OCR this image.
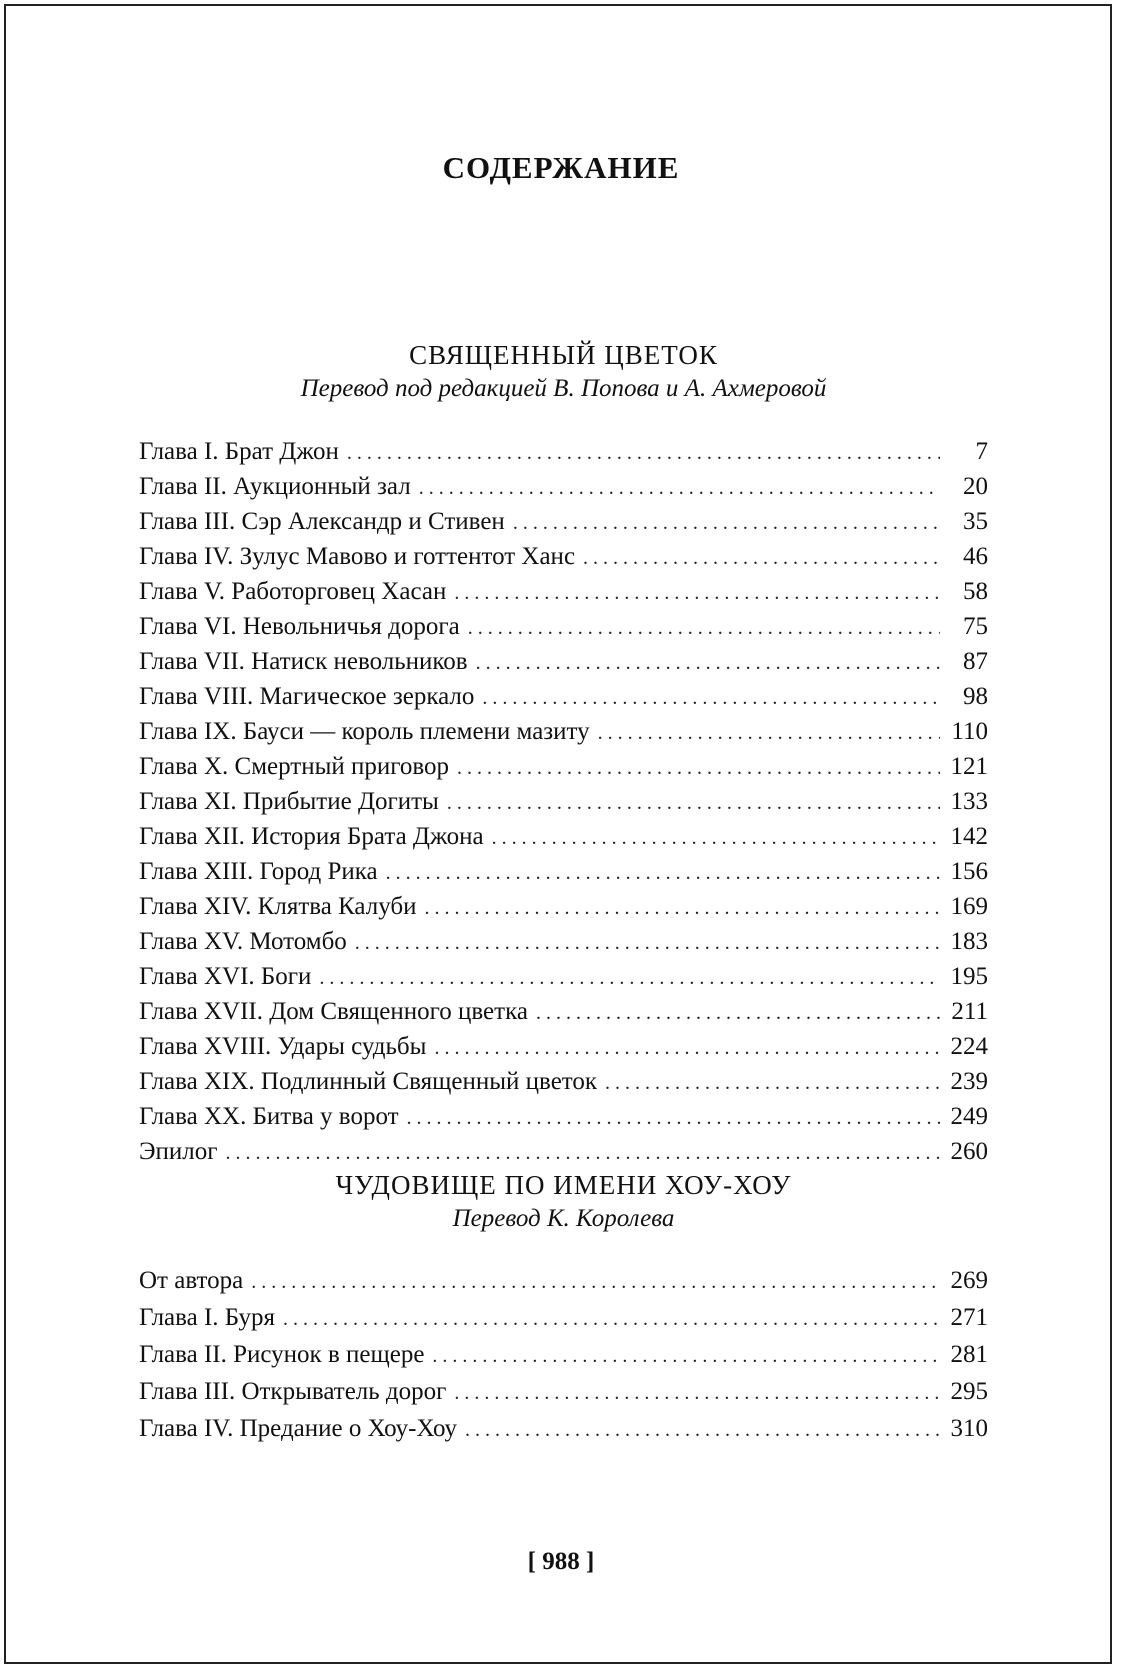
СОДЕРЖАНИЕ
СВЯЩЕННЫЙ ЦВЕТОК
Перевод под редакцией В. Попова и А. Ахмеровой
Глава I. Брат Джон . . .	7
Глава II. Аукционный зал . . .	20
Глава III. Сэр Александр и Стивен . . .	35
Глава IV. Зулус Мавово и готтентот Ханс . . .	46
Глава V. Работорговец Хасан . . .	58
Глава VI. Невольничья дорога . . .	75
Глава VII. Натиск невольников . . .	87
Глава VIII. Магическое зеркало . . .	98
Глава IX. Бауси — король племени мазиту . . .	110
Глава X. Смертный приговор . . .	121
Глава XI. Прибытие Догиты . . .	133
Глава XII. История Брата Джона . . .	142
Глава XIII. Город Рика . . .	156
Глава XIV. Клятва Калуби . . .	169
Глава XV. Мотомбо . . .	183
Глава XVI. Боги . . .	195
Глава XVII. Дом Священного цветка . . .	211
Глава XVIII. Удары судьбы . . .	224
Глава XIX. Подлинный Священный цветок . . .	239
Глава XX. Битва у ворот . . .	249
Эпилог . . .	260
ЧУДОВИЩЕ ПО ИМЕНИ ХОУ-ХОУ
Перевод К. Королева
От автора . . .	269
Глава I. Буря . . .	271
Глава II. Рисунок в пещере . . .	281
Глава III. Открыватель дорог . . .	295
Глава IV. Предание о Хоу-Хоу . . .	310
[ 988 ]
